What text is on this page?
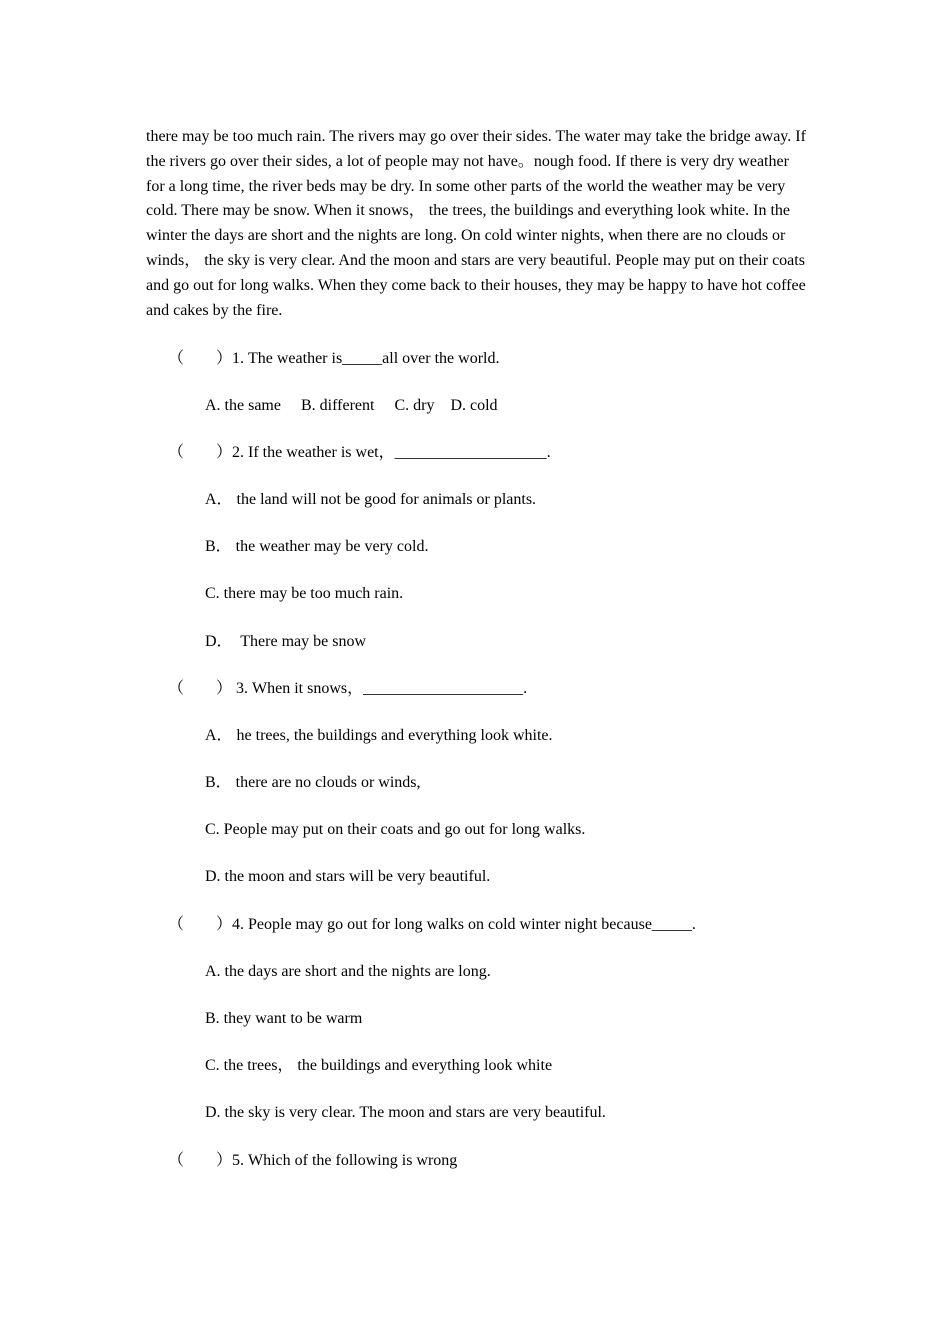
there may be too much rain. The rivers may go over their sides. The water may take the bridge away. If the rivers go over their sides, a lot of people may not have。nough food. If there is very dry weather for a long time, the river beds may be dry. In some other parts of the world the weather may be very cold. There may be snow. When it snows， the trees, the buildings and everything look white. In the winter the days are short and the nights are long. On cold winter nights, when there are no clouds or winds， the sky is very clear. And the moon and stars are very beautiful. People may put on their coats and go out for long walks. When they come back to their houses, they may be happy to have hot coffee and cakes by the fire.

（        ）1. The weather is_____all over the world.
A. the same     B. different     C. dry    D. cold
（        ）2. If the weather is wet，___________________.
A． the land will not be good for animals or plants.
B． the weather may be very cold.
C. there may be too much rain.
D．  There may be snow
（        ） 3. When it snows，____________________.
A． he trees, the buildings and everything look white.
B． there are no clouds or winds,
C. People may put on their coats and go out for long walks.
D. the moon and stars will be very beautiful.
（        ）4. People may go out for long walks on cold winter night because_____.
A. the days are short and the nights are long.
B. they want to be warm
C. the trees， the buildings and everything look white
D. the sky is very clear. The moon and stars are very beautiful.
（        ）5. Which of the following is wrong
